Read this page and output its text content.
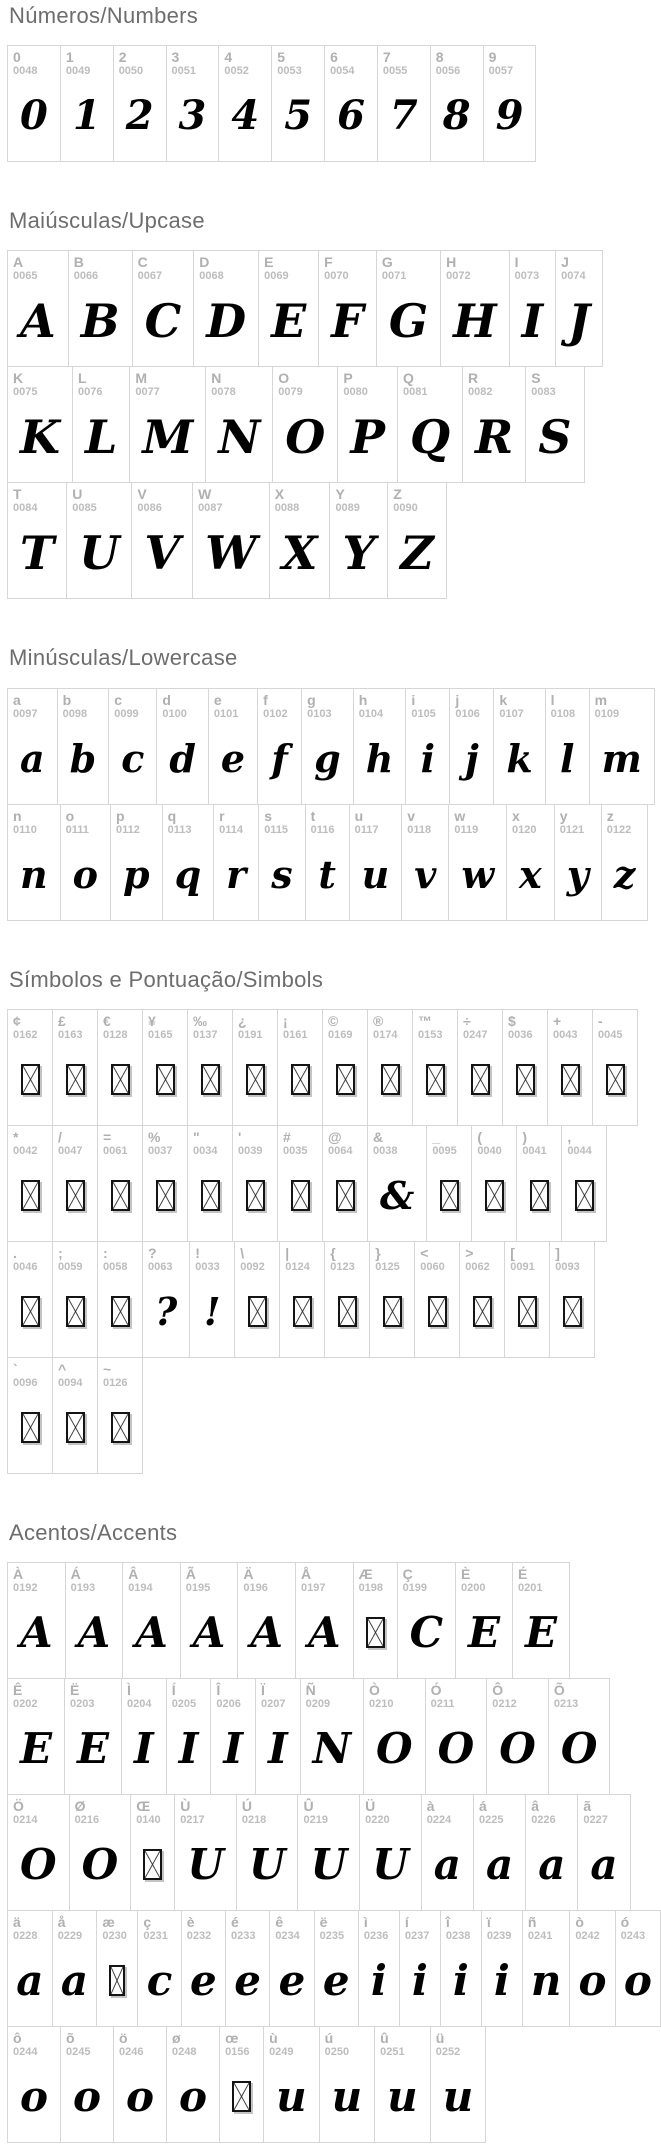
Números/Numbers
0
0048
0
1
0049
1
2
0050
2
3
0051
3
4
0052
4
5
0053
5
6
0054
6
7
0055
7
8
0056
8
9
0057
9
Maiúsculas/Upcase
A
0065
A
B
0066
B
C
0067
C
D
0068
D
E
0069
E
F
0070
F
G
0071
G
H
0072
H
I
0073
I
J
0074
J
K
0075
K
L
0076
L
M
0077
M
N
0078
N
O
0079
O
P
0080
P
Q
0081
Q
R
0082
R
S
0083
S
T
0084
T
U
0085
U
V
0086
V
W
0087
W
X
0088
X
Y
0089
Y
Z
0090
Z
Minúsculas/Lowercase
a
0097
a
b
0098
b
c
0099
c
d
0100
d
e
0101
e
f
0102
f
g
0103
g
h
0104
h
i
0105
i
j
0106
j
k
0107
k
l
0108
l
m
0109
m
n
0110
n
o
0111
o
p
0112
p
q
0113
q
r
0114
r
s
0115
s
t
0116
t
u
0117
u
v
0118
v
w
0119
w
x
0120
x
y
0121
y
z
0122
z
Símbolos e Pontuação/Simbols
¢
0162
£
0163
€
0128
¥
0165
‰
0137
¿
0191
¡
0161
©
0169
®
0174
™
0153
÷
0247
$
0036
+
0043
-
0045
*
0042
/
0047
=
0061
%
0037
"
0034
'
0039
#
0035
@
0064
&
0038
&
_
0095
(
0040
)
0041
,
0044
.
0046
;
0059
:
0058
?
0063
?
!
0033
!
\
0092
|
0124
{
0123
}
0125
<
0060
>
0062
[
0091
]
0093
`
0096
^
0094
~
0126
Acentos/Accents
À
0192
A
Á
0193
A
Â
0194
A
Ã
0195
A
Ä
0196
A
Å
0197
A
Æ
0198
Ç
0199
C
È
0200
E
É
0201
E
Ê
0202
E
Ë
0203
E
Ì
0204
I
Í
0205
I
Î
0206
I
Ï
0207
I
Ñ
0209
N
Ò
0210
O
Ó
0211
O
Ô
0212
O
Õ
0213
O
Ö
0214
O
Ø
0216
O
Œ
0140
Ù
0217
U
Ú
0218
U
Û
0219
U
Ü
0220
U
à
0224
a
á
0225
a
â
0226
a
ã
0227
a
ä
0228
a
å
0229
a
æ
0230
ç
0231
c
è
0232
e
é
0233
e
ê
0234
e
ë
0235
e
ì
0236
i
í
0237
i
î
0238
i
ï
0239
i
ñ
0241
n
ò
0242
o
ó
0243
o
ô
0244
o
õ
0245
o
ö
0246
o
ø
0248
o
œ
0156
ù
0249
u
ú
0250
u
û
0251
u
ü
0252
u
